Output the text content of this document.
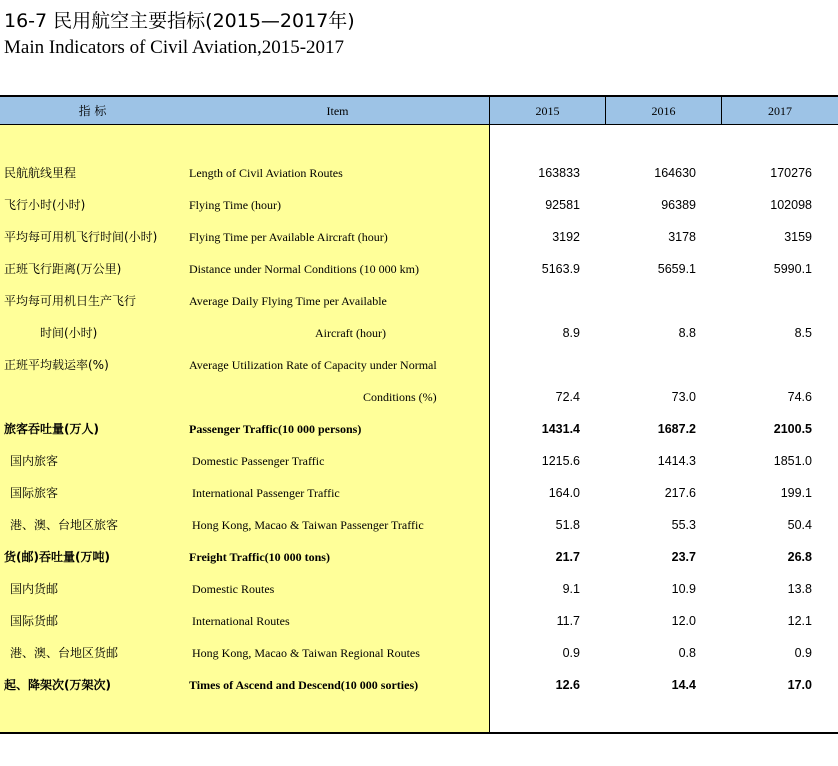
16-7 民用航空主要指标(2015—2017年)
Main Indicators of Civil Aviation,2015-2017
指 标	Item	2015	2016	2017
民航航线里程	Length of Civil Aviation Routes	163833	164630	170276
飞行小时(小时)	Flying Time (hour)	92581	96389	102098
平均每可用机飞行时间(小时)	Flying Time per Available Aircraft (hour)	3192	3178	3159
正班飞行距离(万公里)	Distance under Normal Conditions (10 000 km)	5163.9	5659.1	5990.1
平均每可用机日生产飞行	Average Daily Flying Time per Available
时间(小时)	Aircraft (hour)	8.9	8.8	8.5
正班平均载运率(%)	Average Utilization Rate of Capacity under Normal
Conditions (%)	72.4	73.0	74.6
旅客吞吐量(万人)	Passenger Traffic(10 000 persons)	1431.4	1687.2	2100.5
国内旅客	Domestic Passenger Traffic	1215.6	1414.3	1851.0
国际旅客	International Passenger Traffic	164.0	217.6	199.1
港、澳、台地区旅客	Hong Kong, Macao & Taiwan Passenger Traffic	51.8	55.3	50.4
货(邮)吞吐量(万吨)	Freight Traffic(10 000 tons)	21.7	23.7	26.8
国内货邮	Domestic Routes	9.1	10.9	13.8
国际货邮	International Routes	11.7	12.0	12.1
港、澳、台地区货邮	Hong Kong, Macao & Taiwan Regional Routes	0.9	0.8	0.9
起、降架次(万架次)	Times of Ascend and Descend(10 000 sorties)	12.6	14.4	17.0
